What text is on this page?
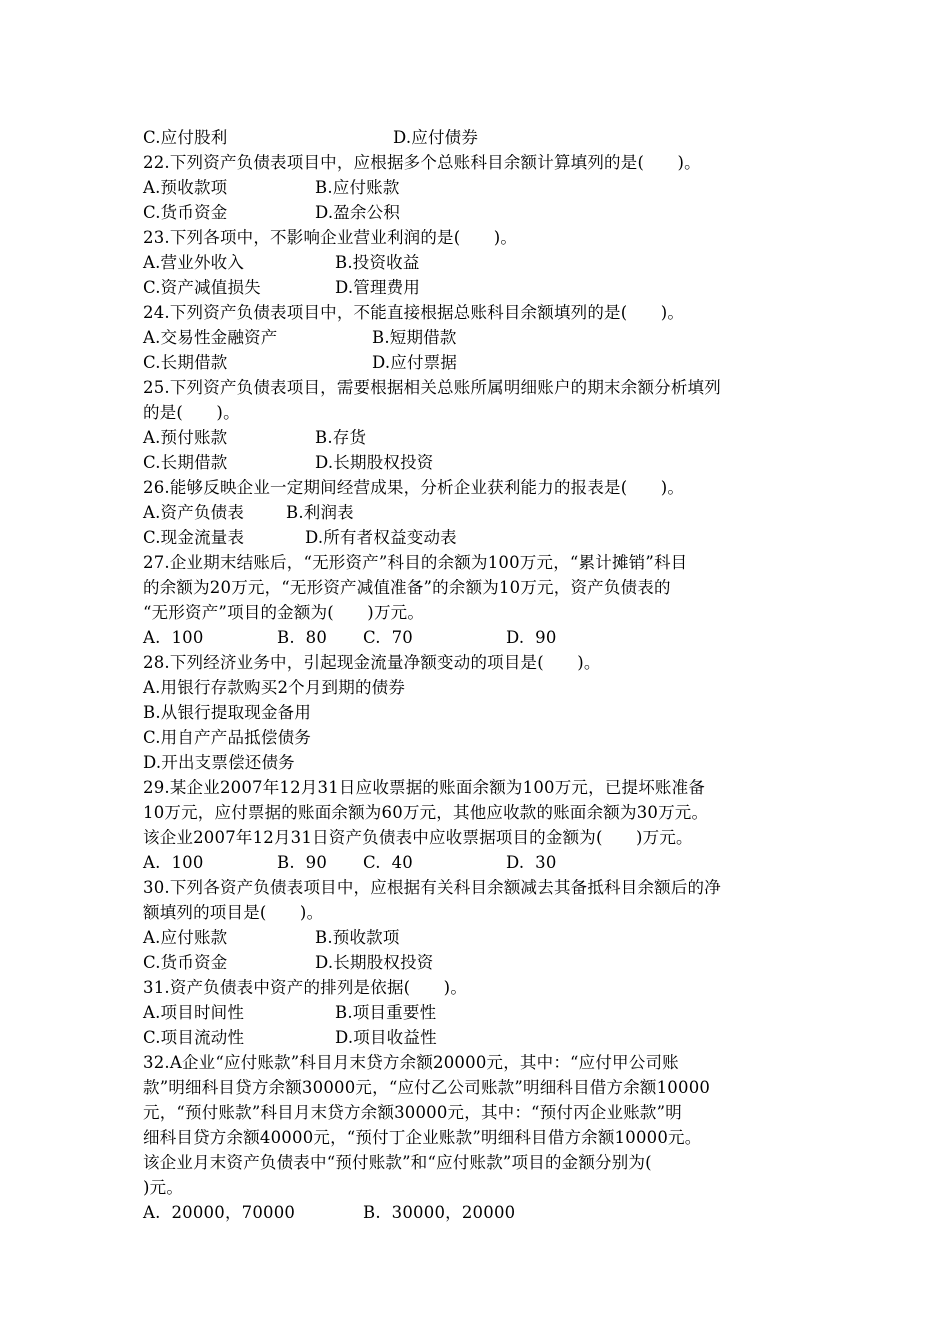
C.应付股利	D.应付债券
22.下列资产负债表项目中，应根据多个总账科目余额计算填列的是(　　)。
A.预收款项	B.应付账款
C.货币资金	D.盈余公积
23.下列各项中，不影响企业营业利润的是(　　)。
A.营业外收入	B.投资收益
C.资产减值损失	D.管理费用
24.下列资产负债表项目中，不能直接根据总账科目余额填列的是(　　)。
A.交易性金融资产	B.短期借款
C.长期借款	D.应付票据
25.下列资产负债表项目，需要根据相关总账所属明细账户的期末余额分析填列
的是(　　)。
A.预付账款	B.存货
C.长期借款	D.长期股权投资
26.能够反映企业一定期间经营成果，分析企业获利能力的报表是(　　)。
A.资产负债表	B.利润表
C.现金流量表	D.所有者权益变动表
27.企业期末结账后，“无形资产”科目的余额为100万元，“累计摊销”科目
的余额为20万元，“无形资产减值准备”的余额为10万元，资产负债表的
“无形资产”项目的金额为(　　)万元。
A.  100	B.  80 C.  70	D.  90
28.下列经济业务中，引起现金流量净额变动的项目是(　　)。
A.用银行存款购买2个月到期的债券
B.从银行提取现金备用
C.用自产产品抵偿债务
D.开出支票偿还债务
29.某企业2007年12月31日应收票据的账面余额为100万元，已提坏账准备
10万元，应付票据的账面余额为60万元，其他应收款的账面余额为30万元。
该企业2007年12月31日资产负债表中应收票据项目的金额为(　　)万元。
A.  100	B.  90 C.  40	D.  30
30.下列各资产负债表项目中，应根据有关科目余额减去其备抵科目余额后的净
额填列的项目是(　　)。
A.应付账款	B.预收款项
C.货币资金	D.长期股权投资
31.资产负债表中资产的排列是依据(　　)。
A.项目时间性	B.项目重要性
C.项目流动性	D.项目收益性
32.A企业“应付账款”科目月末贷方余额20000元，其中：“应付甲公司账
款”明细科目贷方余额30000元，“应付乙公司账款”明细科目借方余额10000
元，“预付账款”科目月末贷方余额30000元，其中：“预付丙企业账款”明
细科目贷方余额40000元，“预付丁企业账款”明细科目借方余额10000元。
该企业月末资产负债表中“预付账款”和“应付账款”项目的金额分别为(
)元。
A.  20000，70000	B.  30000，20000
